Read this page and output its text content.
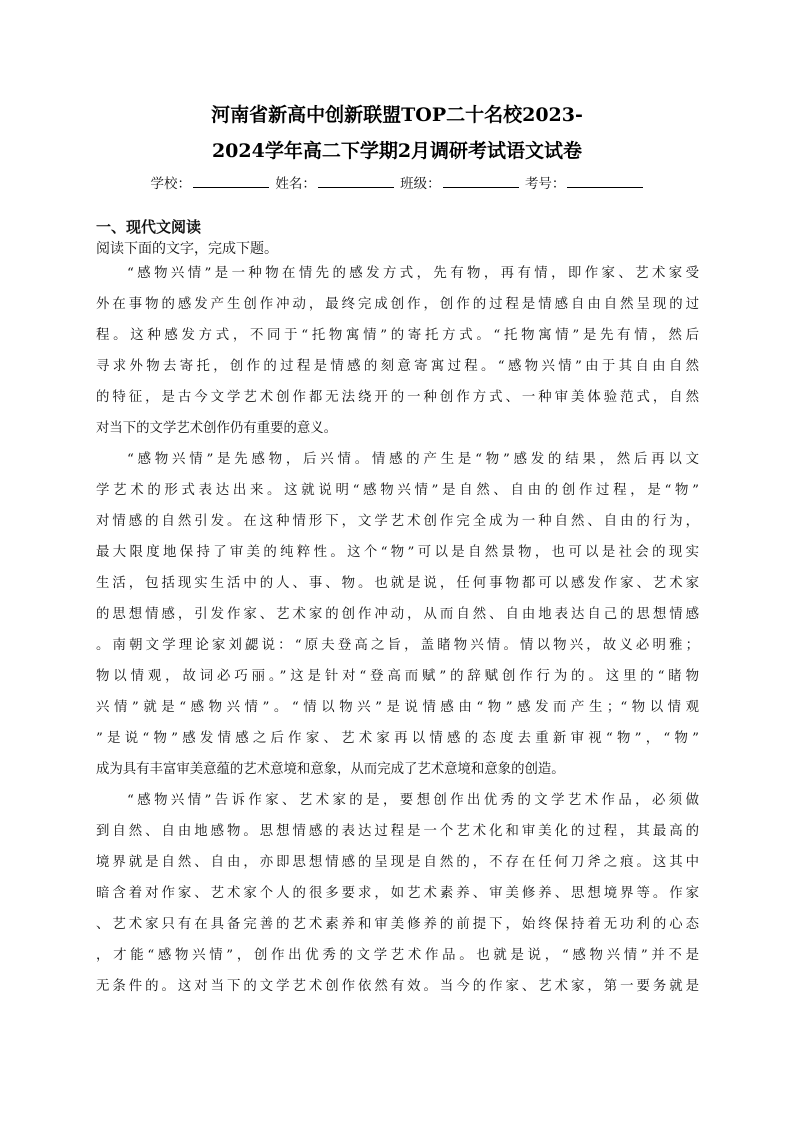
河南省新高中创新联盟TOP二十名校2023-
2024学年高二下学期2月调研考试语文试卷
学校：	姓名：	班级：	考号：
一、现代文阅读
阅读下面的文字，完成下题。
“感物兴情”是一种物在情先的感发方式，先有物，再有情，即作家、艺术家受
外在事物的感发产生创作冲动，最终完成创作，创作的过程是情感自由自然呈现的过
程。这种感发方式，不同于“托物寓情”的寄托方式。“托物寓情”是先有情，然后
寻求外物去寄托，创作的过程是情感的刻意寄寓过程。“感物兴情”由于其自由自然
的特征，是古今文学艺术创作都无法绕开的一种创作方式、一种审美体验范式，自然
对当下的文学艺术创作仍有重要的意义。
“感物兴情”是先感物，后兴情。情感的产生是“物”感发的结果，然后再以文
学艺术的形式表达出来。这就说明“感物兴情”是自然、自由的创作过程，是“物”
对情感的自然引发。在这种情形下，文学艺术创作完全成为一种自然、自由的行为，
最大限度地保持了审美的纯粹性。这个“物”可以是自然景物，也可以是社会的现实
生活，包括现实生活中的人、事、物。也就是说，任何事物都可以感发作家、艺术家
的思想情感，引发作家、艺术家的创作冲动，从而自然、自由地表达自己的思想情感
。南朝文学理论家刘勰说：“原夫登高之旨，盖睹物兴情。情以物兴，故义必明雅；
物以情观，故词必巧丽。”这是针对“登高而赋”的辞赋创作行为的。这里的“睹物
兴情”就是“感物兴情”。“情以物兴”是说情感由“物”感发而产生；“物以情观
”是说“物”感发情感之后作家、艺术家再以情感的态度去重新审视“物”，“物”
成为具有丰富审美意蕴的艺术意境和意象，从而完成了艺术意境和意象的创造。
“感物兴情”告诉作家、艺术家的是，要想创作出优秀的文学艺术作品，必须做
到自然、自由地感物。思想情感的表达过程是一个艺术化和审美化的过程，其最高的
境界就是自然、自由，亦即思想情感的呈现是自然的，不存在任何刀斧之痕。这其中
暗含着对作家、艺术家个人的很多要求，如艺术素养、审美修养、思想境界等。作家
、艺术家只有在具备完善的艺术素养和审美修养的前提下，始终保持着无功利的心态
，才能“感物兴情”，创作出优秀的文学艺术作品。也就是说，“感物兴情”并不是
无条件的。这对当下的文学艺术创作依然有效。当今的作家、艺术家，第一要务就是
